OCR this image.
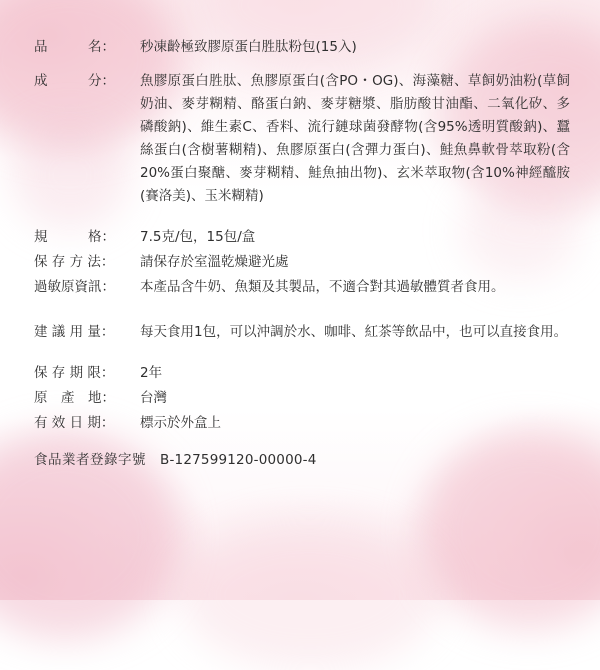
品　　　名：	秒凍齡極致膠原蛋白胜肽粉包(15入)
成　　　分：	魚膠原蛋白胜肽、魚膠原蛋白(含PO・OG)、海藻糖、草飼奶油粉(草飼奶油、麥芽糊精、酪蛋白鈉、麥芽糖漿、脂肪酸甘油酯、二氧化矽、多磷酸鈉)、維生素C、香料、流行鏈球菌發酵物(含95%透明質酸鈉)、蠶絲蛋白(含樹薯糊精)、魚膠原蛋白(含彈力蛋白)、鮭魚鼻軟骨萃取粉(含20%蛋白聚醣、麥芽糊精、鮭魚抽出物)、玄米萃取物(含10%神經醯胺(賽洛美)、玉米糊精)
規　　　格：	7.5克/包，15包/盒
保 存 方 法：	請保存於室溫乾燥避光處
過敏原資訊：	本產品含牛奶、魚類及其製品，不適合對其過敏體質者食用。
建 議 用 量：	每天食用1包，可以沖調於水、咖啡、紅茶等飲品中，也可以直接食用。
保 存 期 限：	2年
原　產　地：	台灣
有 效 日 期：	標示於外盒上
食品業者登錄字號	B-127599120-00000-4
